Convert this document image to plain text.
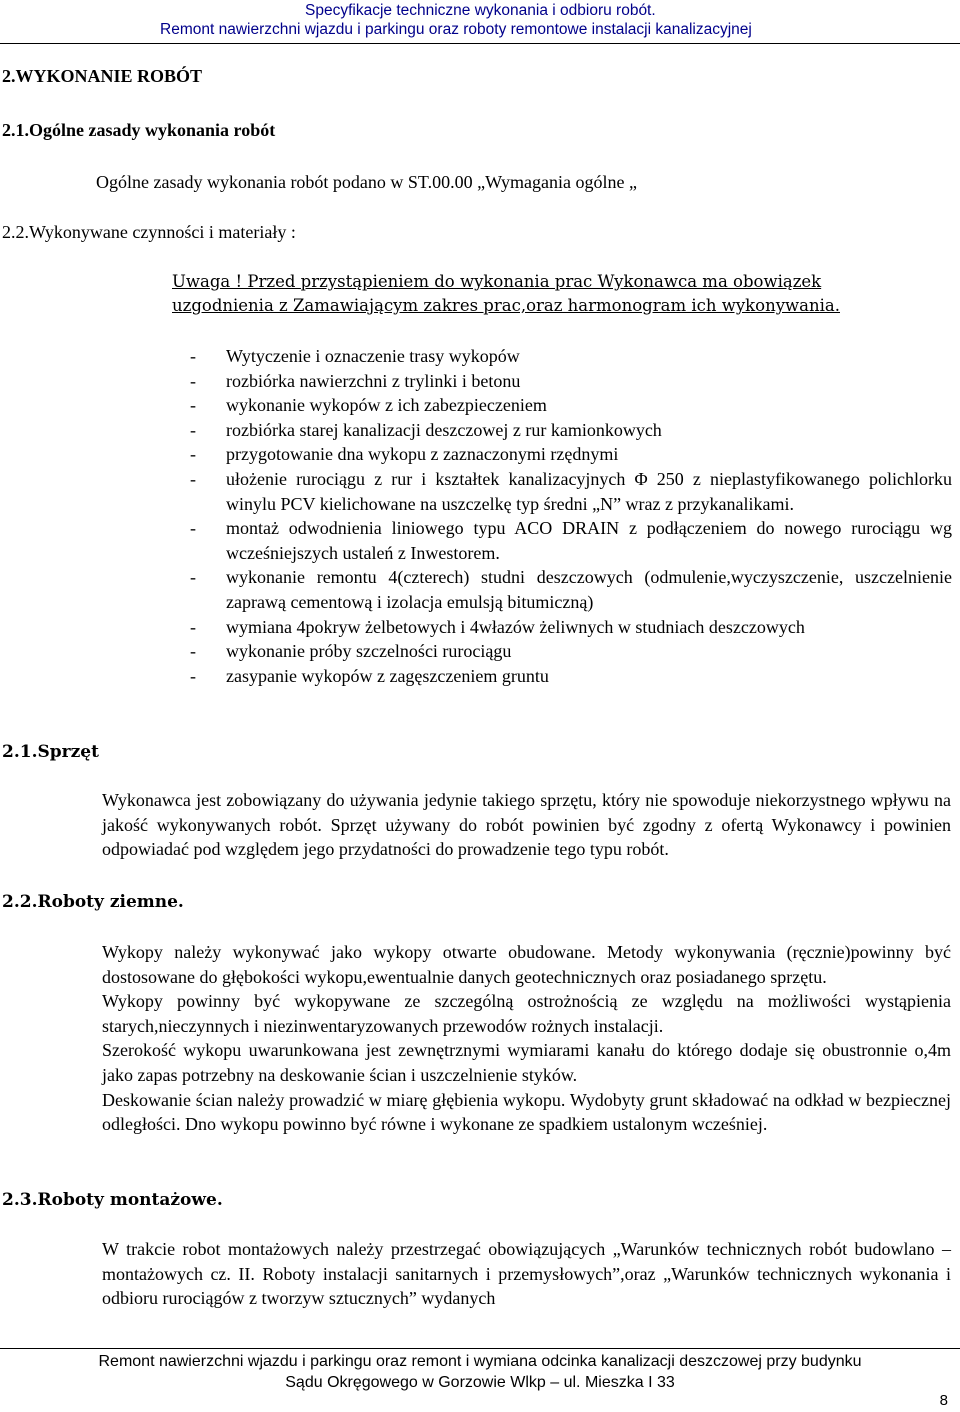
Specyfikacje techniczne wykonania i odbioru robót.
Remont nawierzchni wjazdu i parkingu oraz roboty remontowe instalacji kanalizacyjnej
2.WYKONANIE ROBÓT
2.1.Ogólne zasady wykonania robót
Ogólne zasady wykonania robót podano w ST.00.00 „Wymagania ogólne „
2.2.Wykonywane czynności i materiały :
Uwaga ! Przed przystąpieniem do wykonania prac Wykonawca ma obowiązek
uzgodnienia z Zamawiającym zakres prac,oraz harmonogram ich wykonywania.
- Wytyczenie i oznaczenie trasy wykopów
- rozbiórka nawierzchni z trylinki i betonu
- wykonanie wykopów z ich zabezpieczeniem
- rozbiórka starej kanalizacji deszczowej z rur kamionkowych
- przygotowanie dna wykopu z zaznaczonymi rzędnymi
- ułożenie rurociągu z rur i kształtek kanalizacyjnych Φ 250 z nieplastyfikowanego polichlorku winylu PCV kielichowane na uszczelkę typ średni „N” wraz z przykanalikami.
- montaż odwodnienia liniowego typu ACO DRAIN z podłączeniem do nowego rurociągu wg wcześniejszych ustaleń z Inwestorem.
- wykonanie remontu 4(czterech) studni deszczowych (odmulenie,wyczyszczenie, uszczelnienie zaprawą cementową i izolacja emulsją bitumiczną)
- wymiana 4pokryw żelbetowych i 4włazów żeliwnych w studniach deszczowych
- wykonanie próby szczelności rurociągu
- zasypanie wykopów z zagęszczeniem gruntu
2.1.Sprzęt

Wykonawca jest zobowiązany do używania jedynie takiego sprzętu, który nie spowoduje niekorzystnego wpływu na jakość wykonywanych robót. Sprzęt używany do robót powinien być zgodny z ofertą Wykonawcy i powinien odpowiadać pod względem jego przydatności do prowadzenie tego typu robót.

2.2.Roboty ziemne.

Wykopy należy wykonywać jako wykopy otwarte obudowane. Metody wykonywania (ręcznie)powinny być dostosowane do głębokości wykopu,ewentualnie danych geotechnicznych oraz posiadanego sprzętu.

Wykopy powinny być wykopywane ze szczególną ostrożnością ze względu na możliwości wystąpienia starych,nieczynnych i niezinwentaryzowanych przewodów rożnych instalacji.

Szerokość wykopu uwarunkowana jest zewnętrznymi wymiarami kanału do którego dodaje się obustronnie o,4m jako zapas potrzebny na deskowanie ścian i uszczelnienie styków.

Deskowanie ścian należy prowadzić w miarę głębienia wykopu. Wydobyty grunt składować na odkład w bezpiecznej odległości. Dno wykopu powinno być równe i wykonane ze spadkiem ustalonym wcześniej.

2.3.Roboty montażowe.

W trakcie robot montażowych należy przestrzegać obowiązujących „Warunków technicznych robót budowlano – montażowych cz. II. Roboty instalacji sanitarnych i przemysłowych”,oraz „Warunków technicznych wykonania i odbioru rurociągów z tworzyw sztucznych” wydanych

Remont nawierzchni wjazdu i parkingu oraz remont i wymiana odcinka kanalizacji deszczowej przy budynku
Sądu Okręgowego w Gorzowie Wlkp – ul. Mieszka I 33
8
